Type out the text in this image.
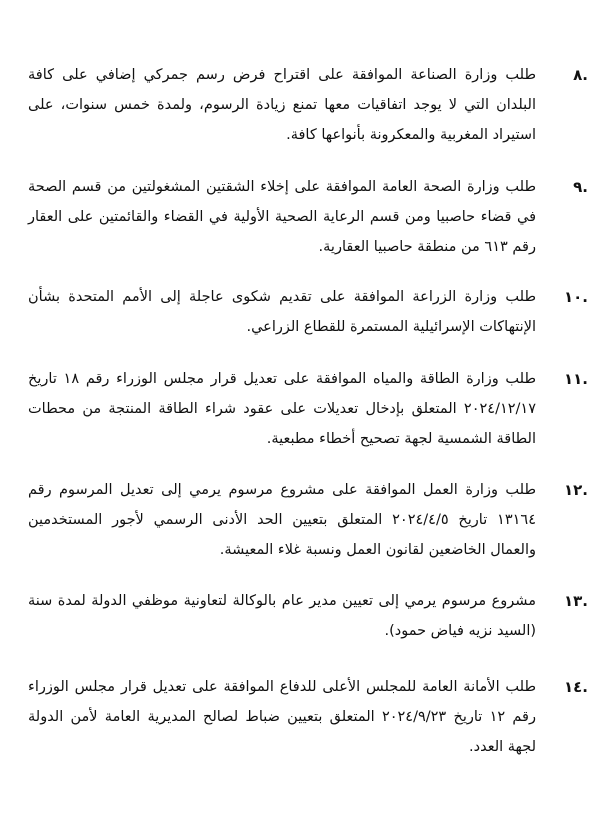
.٨
طلب وزارة الصناعة الموافقة على اقتراح فرض رسم جمركي إضافي على كافة البلدان التي لا يوجد اتفاقيات معها تمنع زيادة الرسوم، ولمدة خمس سنوات، على استيراد المغربية والمعكرونة بأنواعها كافة.
.٩
طلب وزارة الصحة العامة الموافقة على إخلاء الشقتين المشغولتين من قسم الصحة في قضاء حاصبيا ومن قسم الرعاية الصحية الأولية في القضاء والقائمتين على العقار رقم ٦١٣ من منطقة حاصبيا العقارية.
.١٠
طلب وزارة الزراعة الموافقة على تقديم شكوى عاجلة إلى الأمم المتحدة بشأن الإنتهاكات الإسرائيلية المستمرة للقطاع الزراعي.
.١١
طلب وزارة الطاقة والمياه الموافقة على تعديل قرار مجلس الوزراء رقم ١٨ تاريخ ٢٠٢٤/١٢/١٧ المتعلق بإدخال تعديلات على عقود شراء الطاقة المنتجة من محطات الطاقة الشمسية لجهة تصحيح أخطاء مطبعية.
.١٢
طلب وزارة العمل الموافقة على مشروع مرسوم يرمي إلى تعديل المرسوم رقم ١٣١٦٤ تاريخ ٢٠٢٤/٤/٥ المتعلق بتعيين الحد الأدنى الرسمي لأجور المستخدمين والعمال الخاضعين لقانون العمل ونسبة غلاء المعيشة.
.١٣
مشروع مرسوم يرمي إلى تعيين مدير عام بالوكالة لتعاونية موظفي الدولة لمدة سنة (السيد نزيه فياض حمود).
.١٤
طلب الأمانة العامة للمجلس الأعلى للدفاع الموافقة على تعديل قرار مجلس الوزراء رقم ١٢ تاريخ ٢٠٢٤/٩/٢٣ المتعلق بتعيين ضباط لصالح المديرية العامة لأمن الدولة لجهة العدد.
